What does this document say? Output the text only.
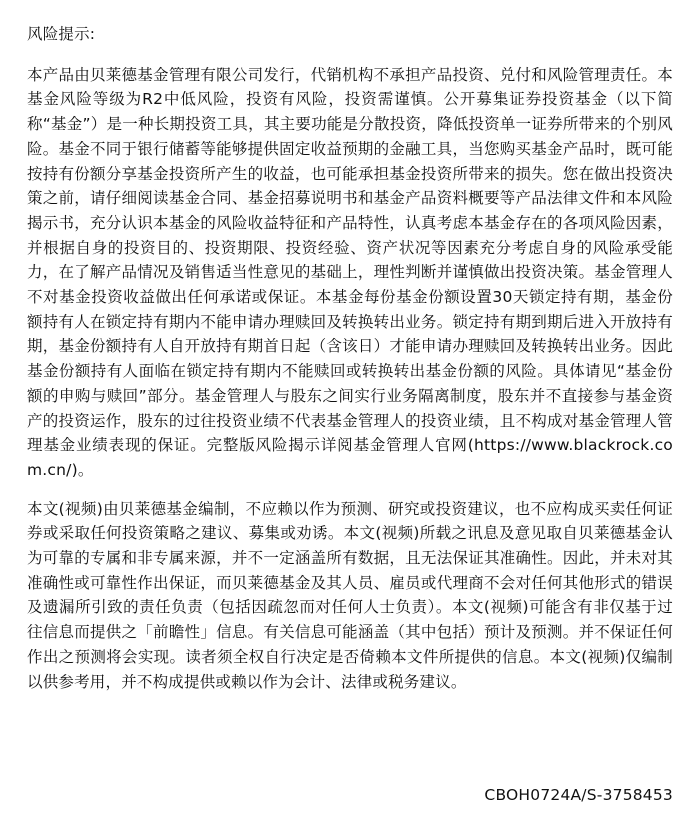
风险提示:

本产品由贝莱德基金管理有限公司发行，代销机构不承担产品投资、兑付和风险管理责任。本基金风险等级为R2中低风险，投资有风险，投资需谨慎。公开募集证券投资基金（以下简称“基金”）是一种长期投资工具，其主要功能是分散投资，降低投资单一证券所带来的个别风险。基金不同于银行储蓄等能够提供固定收益预期的金融工具，当您购买基金产品时，既可能按持有份额分享基金投资所产生的收益，也可能承担基金投资所带来的损失。您在做出投资决策之前，请仔细阅读基金合同、基金招募说明书和基金产品资料概要等产品法律文件和本风险揭示书，充分认识本基金的风险收益特征和产品特性，认真考虑本基金存在的各项风险因素，并根据自身的投资目的、投资期限、投资经验、资产状况等因素充分考虑自身的风险承受能力，在了解产品情况及销售适当性意见的基础上，理性判断并谨慎做出投资决策。基金管理人不对基金投资收益做出任何承诺或保证。本基金每份基金份额设置30天锁定持有期，基金份额持有人在锁定持有期内不能申请办理赎回及转换转出业务。锁定持有期到期后进入开放持有期，基金份额持有人自开放持有期首日起（含该日）才能申请办理赎回及转换转出业务。因此基金份额持有人面临在锁定持有期内不能赎回或转换转出基金份额的风险。具体请见“基金份额的申购与赎回”部分。基金管理人与股东之间实行业务隔离制度，股东并不直接参与基金资产的投资运作，股东的过往投资业绩不代表基金管理人的投资业绩，且不构成对基金管理人管理基金业绩表现的保证。完整版风险揭示详阅基金管理人官网(https://www.blackrock.com.cn/)。

本文(视频)由贝莱德基金编制，不应赖以作为预测、研究或投资建议，也不应构成买卖任何证券或采取任何投资策略之建议、募集或劝诱。本文(视频)所载之讯息及意见取自贝莱德基金认为可靠的专属和非专属来源，并不一定涵盖所有数据，且无法保证其准确性。因此，并未对其准确性或可靠性作出保证，而贝莱德基金及其人员、雇员或代理商不会对任何其他形式的错误及遗漏所引致的责任负责（包括因疏忽而对任何人士负责）。本文(视频)可能含有非仅基于过往信息而提供之「前瞻性」信息。有关信息可能涵盖（其中包括）预计及预测。并不保证任何作出之预测将会实现。读者须全权自行决定是否倚赖本文件所提供的信息。本文(视频)仅编制以供参考用，并不构成提供或赖以作为会计、法律或税务建议。

CBOH0724A/S-3758453
